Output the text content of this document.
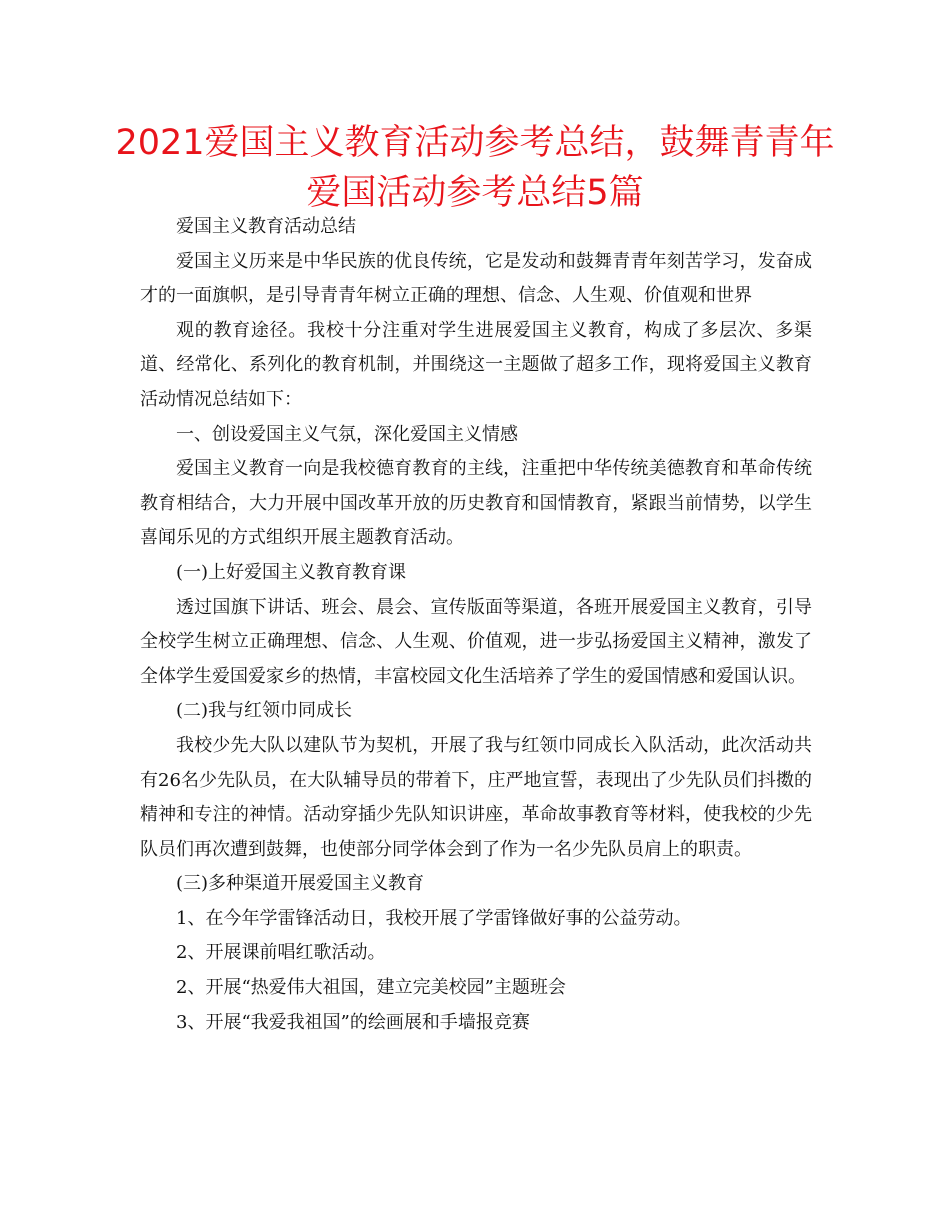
2021爱国主义教育活动参考总结，鼓舞青青年爱国活动参考总结5篇

爱国主义教育活动总结

爱国主义历来是中华民族的优良传统，它是发动和鼓舞青青年刻苦学习，发奋成才的一面旗帜，是引导青青年树立正确的理想、信念、人生观、价值观和世界

观的教育途径。我校十分注重对学生进展爱国主义教育，构成了多层次、多渠道、经常化、系列化的教育机制，并围绕这一主题做了超多工作，现将爱国主义教育活动情况总结如下：

一、创设爱国主义气氛，深化爱国主义情感

爱国主义教育一向是我校德育教育的主线，注重把中华传统美德教育和革命传统教育相结合，大力开展中国改革开放的历史教育和国情教育，紧跟当前情势，以学生喜闻乐见的方式组织开展主题教育活动。

(一)上好爱国主义教育教育课

透过国旗下讲话、班会、晨会、宣传版面等渠道，各班开展爱国主义教育，引导全校学生树立正确理想、信念、人生观、价值观，进一步弘扬爱国主义精神，激发了全体学生爱国爱家乡的热情，丰富校园文化生活培养了学生的爱国情感和爱国认识。

(二)我与红领巾同成长

我校少先大队以建队节为契机，开展了我与红领巾同成长入队活动，此次活动共有26名少先队员，在大队辅导员的带着下，庄严地宣誓，表现出了少先队员们抖擞的精神和专注的神情。活动穿插少先队知识讲座，革命故事教育等材料，使我校的少先队员们再次遭到鼓舞，也使部分同学体会到了作为一名少先队员肩上的职责。

(三)多种渠道开展爱国主义教育

1、在今年学雷锋活动日，我校开展了学雷锋做好事的公益劳动。

2、开展课前唱红歌活动。

2、开展“热爱伟大祖国，建立完美校园”主题班会

3、开展“我爱我祖国”的绘画展和手墙报竞赛
